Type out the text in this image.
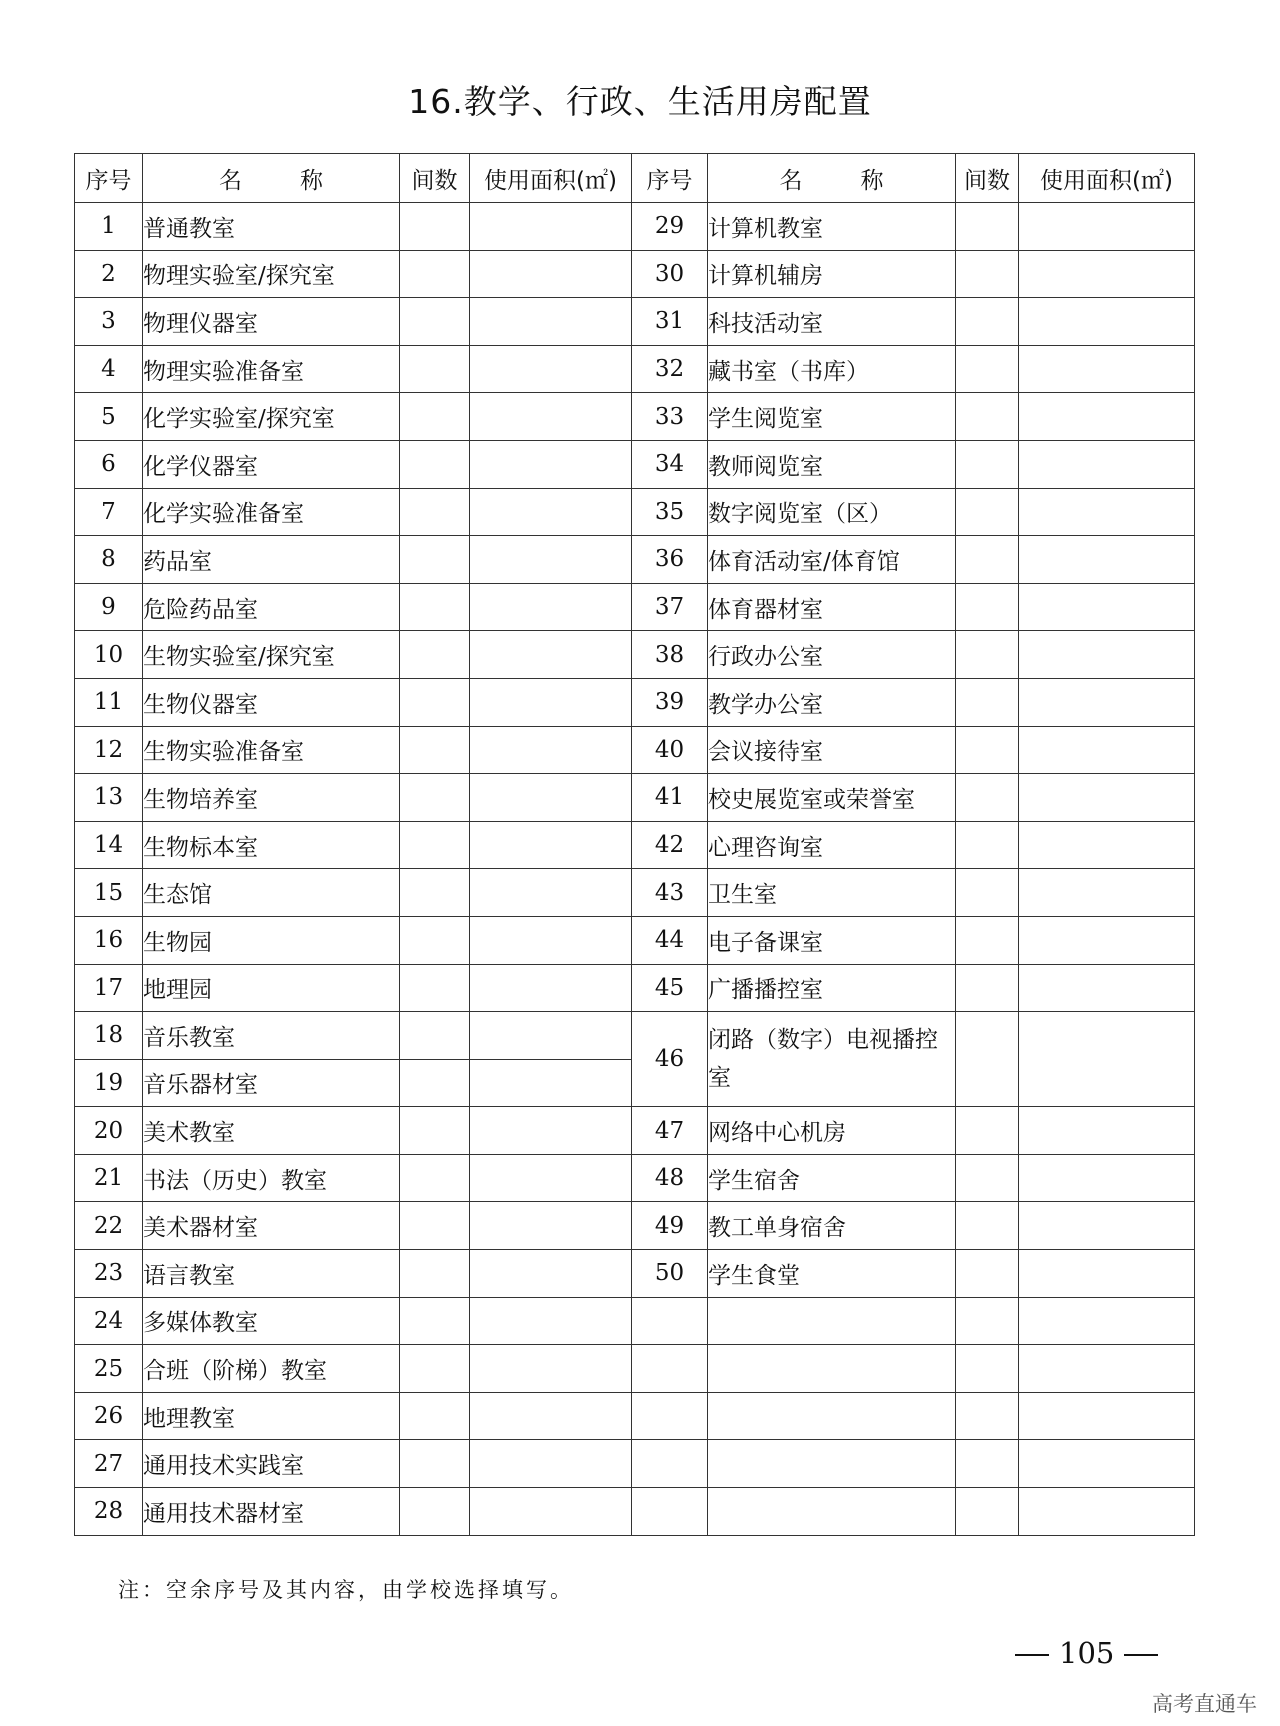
16.教学、行政、生活用房配置
序号	名称	间数	使用面积(㎡)	序号	名称	间数	使用面积(㎡)
1	普通教室			29	计算机教室		
2	物理实验室/探究室			30	计算机辅房		
3	物理仪器室			31	科技活动室		
4	物理实验准备室			32	藏书室（书库）		
5	化学实验室/探究室			33	学生阅览室		
6	化学仪器室			34	教师阅览室		
7	化学实验准备室			35	数字阅览室（区）		
8	药品室			36	体育活动室/体育馆		
9	危险药品室			37	体育器材室		
10	生物实验室/探究室			38	行政办公室		
11	生物仪器室			39	教学办公室		
12	生物实验准备室			40	会议接待室		
13	生物培养室			41	校史展览室或荣誉室		
14	生物标本室			42	心理咨询室		
15	生态馆			43	卫生室		
16	生物园			44	电子备课室		
17	地理园			45	广播播控室		
18	音乐教室			46	闭路（数字）电视播控室		
19	音乐器材室						
20	美术教室			47	网络中心机房		
21	书法（历史）教室			48	学生宿舍		
22	美术器材室			49	教工单身宿舍		
23	语言教室			50	学生食堂		
24	多媒体教室						
25	合班（阶梯）教室						
26	地理教室						
27	通用技术实践室						
28	通用技术器材室						
注：空余序号及其内容，由学校选择填写。
105
高考直通车
